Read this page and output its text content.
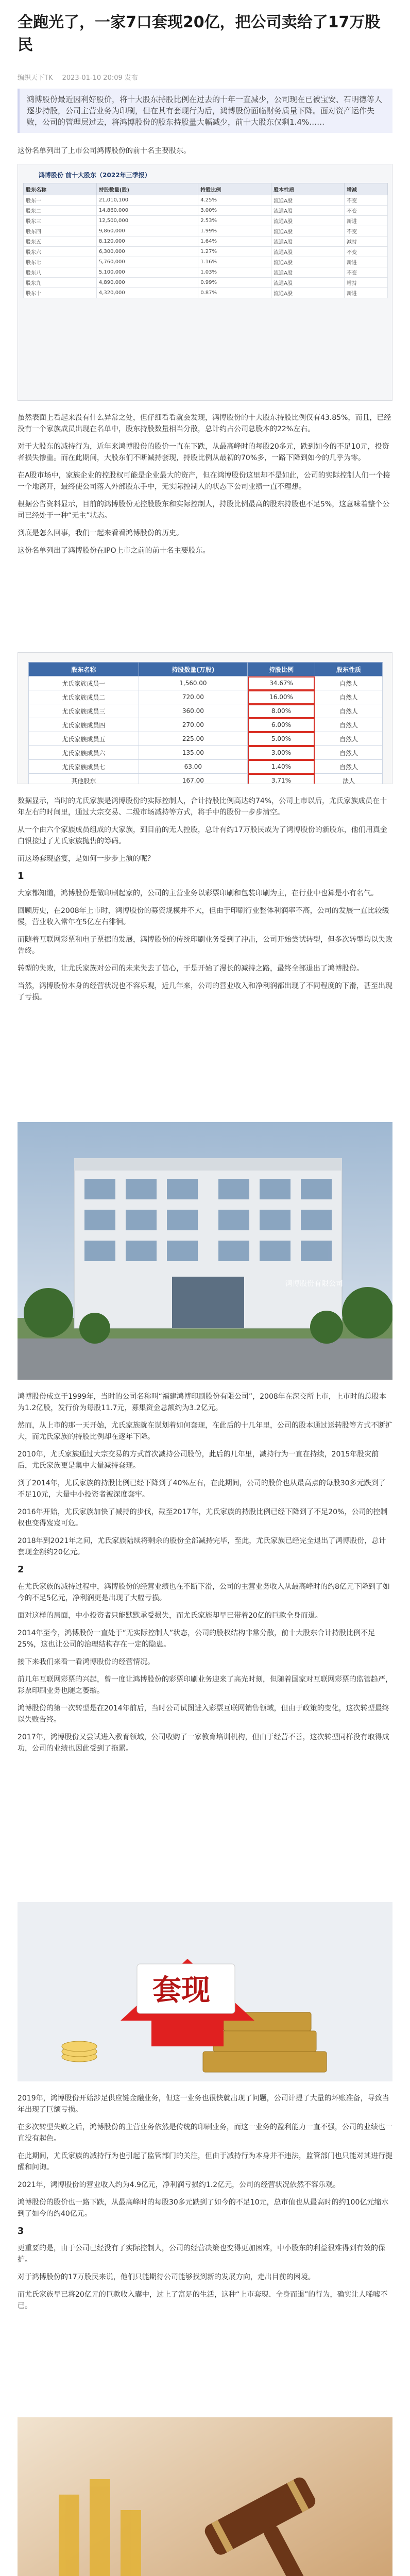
全跑光了，一家7口套现20亿，把公司卖给了17万股民
编织天下TK 2023-01-10 20:09 发布
鸿博股份最近因利好股价，将十大股东持股比例在过去的十年一直减少，公司现在已被宝安、石明德等人逐步持股，公司主营业务为印刷，但在其有套现行为后，鸿博股份面临财务质量下降。面对资产运作失败，公司的管理层过去，将鸿博股份的股东持股量大幅减少，前十大股东仅剩1.4%……

这份名单列出了上市公司鸿博股份的前十名主要股东。

鸿博股份 前十大股东（2022年三季报）
股东名称	持股数量(股)	持股比例	股本性质	增减
股东一	21,010,100	4.25%	流通A股	不变
股东二	14,860,000	3.00%	流通A股	不变
股东三	12,500,000	2.53%	流通A股	新进
股东四	9,860,000	1.99%	流通A股	不变
股东五	8,120,000	1.64%	流通A股	减持
股东六	6,300,000	1.27%	流通A股	不变
股东七	5,760,000	1.16%	流通A股	新进
股东八	5,100,000	1.03%	流通A股	不变
股东九	4,890,000	0.99%	流通A股	增持
股东十	4,320,000	0.87%	流通A股	新进

虽然表面上看起来没有什么异常之处，但仔细看看就会发现，鸿博股份的十大股东持股比例仅有43.85%，而且，已经没有一个家族成员出现在名单中，股东持股数量相当分散，总计约占公司总股本的22%左右。

对于大股东的减持行为，近年来鸿博股份的股价一直在下跌，从最高峰时的每股20多元，跌到如今的不足10元，投资者损失惨重。而在此期间，大股东们不断减持套现，持股比例从最初的70%多，一路下降到如今的几乎为零。

在A股市场中，家族企业的控股权可能是企业最大的资产，但在鸿博股份这里却不是如此，公司的实际控制人们一个接一个地离开，最终使公司落入外部股东手中，无实际控制人的状态下公司业绩一直不理想。

根据公告资料显示，目前的鸿博股份无控股股东和实际控制人，持股比例最高的股东持股也不足5%，这意味着整个公司已经处于一种“无主”状态。

到底是怎么回事，我们一起来看看鸿博股份的历史。

这份名单列出了鸿博股份在IPO上市之前的前十名主要股东。

股东名称	持股数量(万股)	持股比例	股东性质
尤氏家族成员一	1,560.00	34.67%	自然人
尤氏家族成员二	720.00	16.00%	自然人
尤氏家族成员三	360.00	8.00%	自然人
尤氏家族成员四	270.00	6.00%	自然人
尤氏家族成员五	225.00	5.00%	自然人
尤氏家族成员六	135.00	3.00%	自然人
尤氏家族成员七	63.00	1.40%	自然人
其他股东	167.00	3.71%	法人

数据显示，当时的尤氏家族是鸿博股份的实际控制人，合计持股比例高达约74%，公司上市以后，尤氏家族成员在十年左右的时间里，通过大宗交易、二级市场减持等方式，将手中的股份一步步清空。

从一个由六个家族成员组成的大家族，到目前的无人控股，总计有约17万股民成为了鸿博股份的新股东，他们用真金白银接过了尤氏家族抛售的筹码。

而这场套现盛宴，是如何一步步上演的呢？

1

大家都知道，鸿博股份是做印刷起家的，公司的主营业务以彩票印刷和包装印刷为主，在行业中也算是小有名气。

回顾历史，在2008年上市时，鸿博股份的募资规模并不大，但由于印刷行业整体利润率不高，公司的发展一直比较缓慢，营业收入常年在5亿左右徘徊。

而随着互联网彩票和电子票据的发展，鸿博股份的传统印刷业务受到了冲击，公司开始尝试转型，但多次转型均以失败告终。

转型的失败，让尤氏家族对公司的未来失去了信心，于是开始了漫长的减持之路，最终全部退出了鸿博股份。

当然，鸿博股份本身的经营状况也不容乐观，近几年来，公司的营业收入和净利润都出现了不同程度的下滑，甚至出现了亏损。

鸿博股份有限公司

鸿博股份成立于1999年，当时的公司名称叫“福建鸿博印刷股份有限公司”，2008年在深交所上市，上市时的总股本为1.2亿股，发行价为每股11.7元，募集资金总额约为3.2亿元。

然而，从上市的那一天开始，尤氏家族就在谋划着如何套现，在此后的十几年里，公司的股本通过送转股等方式不断扩大，而尤氏家族的持股比例却在逐年下降。

2010年，尤氏家族通过大宗交易的方式首次减持公司股份，此后的几年里，减持行为一直在持续，2015年股灾前后，尤氏家族更是集中大量减持套现。

到了2014年，尤氏家族的持股比例已经下降到了40%左右，在此期间，公司的股价也从最高点的每股30多元跌到了不足10元，大量中小投资者被深度套牢。

2016年开始，尤氏家族加快了减持的步伐，截至2017年，尤氏家族的持股比例已经下降到了不足20%，公司的控制权也变得岌岌可危。

2018年到2021年之间，尤氏家族陆续将剩余的股份全部减持完毕，至此，尤氏家族已经完全退出了鸿博股份，总计套现金额约20亿元。

2

在尤氏家族的减持过程中，鸿博股份的经营业绩也在不断下滑，公司的主营业务收入从最高峰时的约8亿元下降到了如今的不足5亿元，净利润更是出现了大幅亏损。

面对这样的局面，中小投资者只能默默承受损失，而尤氏家族却早已带着20亿的巨款全身而退。

2014年至今，鸿博股份一直处于“无实际控制人”状态，公司的股权结构非常分散，前十大股东合计持股比例不足25%，这也让公司的治理结构存在一定的隐患。

接下来我们来看一看鸿博股份的经营情况。

前几年互联网彩票的兴起，曾一度让鸿博股份的彩票印刷业务迎来了高光时刻，但随着国家对互联网彩票的监管趋严，彩票印刷业务也随之萎缩。

鸿博股份的第一次转型是在2014年前后，当时公司试图进入彩票互联网销售领域，但由于政策的变化，这次转型最终以失败告终。

2017年，鸿博股份又尝试进入教育领域，公司收购了一家教育培训机构，但由于经营不善，这次转型同样没有取得成功，公司的业绩也因此受到了拖累。

套现

2019年，鸿博股份开始涉足供应链金融业务，但这一业务也很快就出现了问题，公司计提了大量的坏账准备，导致当年出现了巨额亏损。

在多次转型失败之后，鸿博股份的主营业务依然是传统的印刷业务，而这一业务的盈利能力一直不强，公司的业绩也一直没有起色。

在此期间，尤氏家族的减持行为也引起了监管部门的关注，但由于减持行为本身并不违法，监管部门也只能对其进行提醒和问询。

2021年，鸿博股份的营业收入约为4.9亿元，净利润亏损约1.2亿元，公司的经营状况依然不容乐观。

鸿博股份的股价也一路下跌，从最高峰时的每股30多元跌到了如今的不足10元，总市值也从最高时的约100亿元缩水到了如今的约40亿元。

3

更重要的是，由于公司已经没有了实际控制人，公司的经营决策也变得更加困难，中小股东的利益很难得到有效的保护。

对于鸿博股份的17万股民来说，他们只能期待公司能够找到新的发展方向，走出目前的困境。

而尤氏家族早已将20亿元的巨款收入囊中，过上了富足的生活，这种“上市套现、全身而退”的行为，确实让人唏嘘不已。
